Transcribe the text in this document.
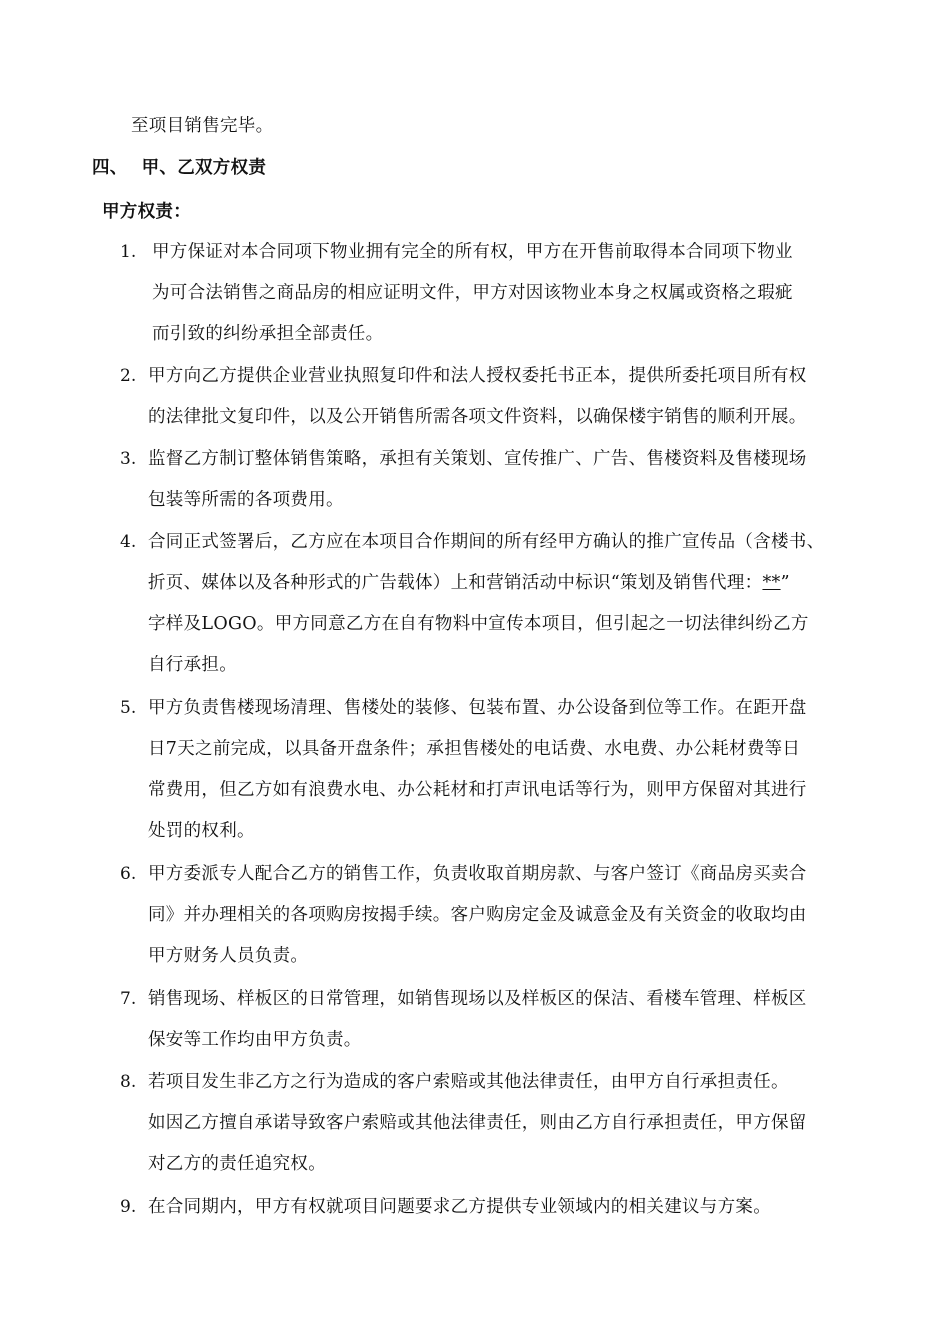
至项目销售完毕。
四、 甲、乙双方权责
甲方权责：
1. 甲方保证对本合同项下物业拥有完全的所有权，甲方在开售前取得本合同项下物业
为可合法销售之商品房的相应证明文件，甲方对因该物业本身之权属或资格之瑕疵
而引致的纠纷承担全部责任。
2. 甲方向乙方提供企业营业执照复印件和法人授权委托书正本，提供所委托项目所有权
的法律批文复印件，以及公开销售所需各项文件资料，以确保楼宇销售的顺利开展。
3. 监督乙方制订整体销售策略，承担有关策划、宣传推广、广告、售楼资料及售楼现场
包装等所需的各项费用。
4. 合同正式签署后，乙方应在本项目合作期间的所有经甲方确认的推广宣传品（含楼书、
折页、媒体以及各种形式的广告载体）上和营销活动中标识“策划及销售代理：**”
字样及LOGO。甲方同意乙方在自有物料中宣传本项目，但引起之一切法律纠纷乙方
自行承担。
5. 甲方负责售楼现场清理、售楼处的装修、包装布置、办公设备到位等工作。在距开盘
日7天之前完成，以具备开盘条件；承担售楼处的电话费、水电费、办公耗材费等日
常费用，但乙方如有浪费水电、办公耗材和打声讯电话等行为，则甲方保留对其进行
处罚的权利。
6. 甲方委派专人配合乙方的销售工作，负责收取首期房款、与客户签订《商品房买卖合
同》并办理相关的各项购房按揭手续。客户购房定金及诚意金及有关资金的收取均由
甲方财务人员负责。
7. 销售现场、样板区的日常管理，如销售现场以及样板区的保洁、看楼车管理、样板区
保安等工作均由甲方负责。
8. 若项目发生非乙方之行为造成的客户索赔或其他法律责任，由甲方自行承担责任。
如因乙方擅自承诺导致客户索赔或其他法律责任，则由乙方自行承担责任，甲方保留
对乙方的责任追究权。
9. 在合同期内，甲方有权就项目问题要求乙方提供专业领域内的相关建议与方案。
